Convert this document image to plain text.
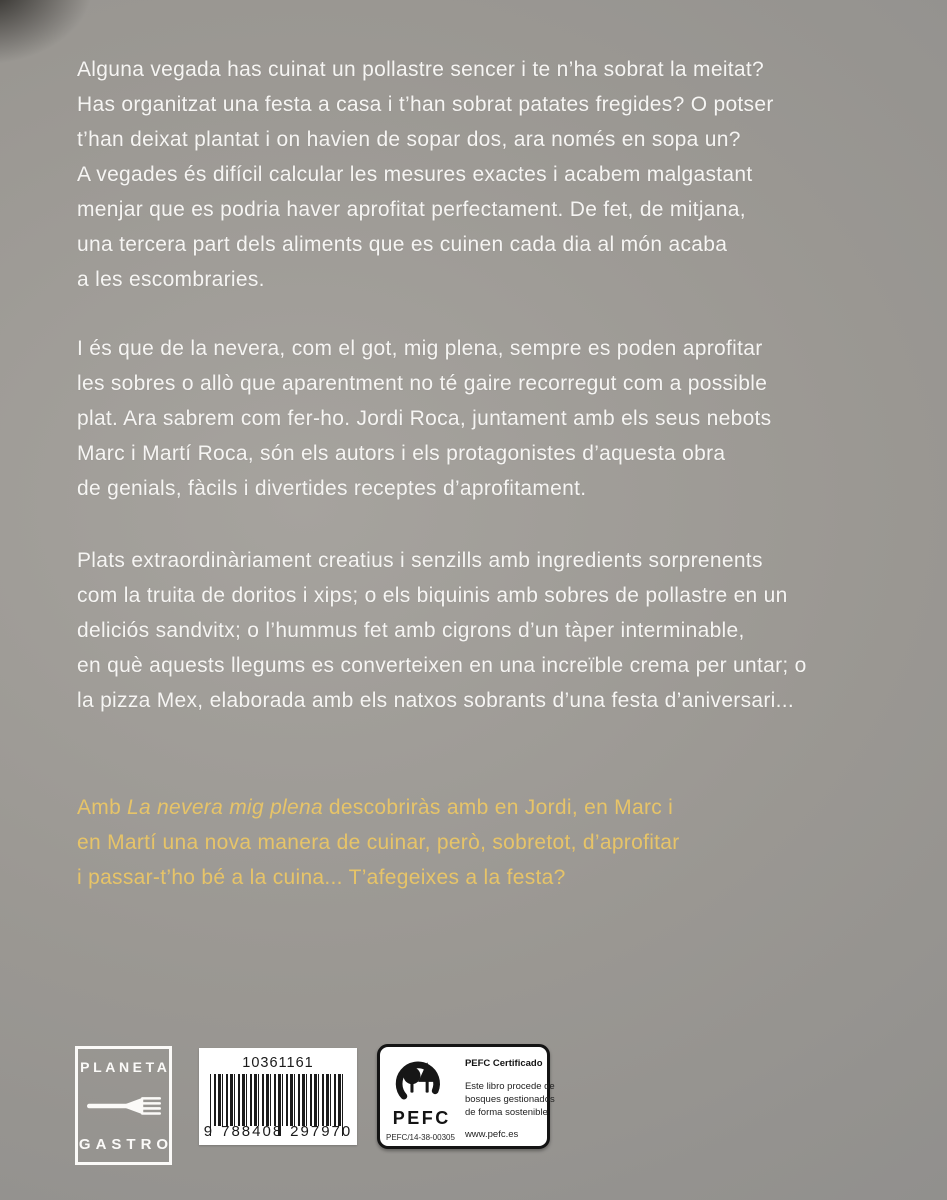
Alguna vegada has cuinat un pollastre sencer i te n’ha sobrat la meitat?
Has organitzat una festa a casa i t’han sobrat patates fregides? O potser
t’han deixat plantat i on havien de sopar dos, ara només en sopa un?
A vegades és difícil calcular les mesures exactes i acabem malgastant
menjar que es podria haver aprofitat perfectament. De fet, de mitjana,
una tercera part dels aliments que es cuinen cada dia al món acaba
a les escombraries.
I és que de la nevera, com el got, mig plena, sempre es poden aprofitar
les sobres o allò que aparentment no té gaire recorregut com a possible
plat. Ara sabrem com fer-ho. Jordi Roca, juntament amb els seus nebots
Marc i Martí Roca, són els autors i els protagonistes d’aquesta obra
de genials, fàcils i divertides receptes d’aprofitament.
Plats extraordinàriament creatius i senzills amb ingredients sorprenents
com la truita de doritos i xips; o els biquinis amb sobres de pollastre en un
deliciós sandvitx; o l’hummus fet amb cigrons d’un tàper interminable,
en què aquests llegums es converteixen en una increïble crema per untar; o
la pizza Mex, elaborada amb els natxos sobrants d’una festa d’aniversari...
Amb La nevera mig plena descobriràs amb en Jordi, en Marc i
en Martí una nova manera de cuinar, però, sobretot, d’aprofitar
i passar-t’ho bé a la cuina... T’afegeixes a la festa?
PLANETA
GASTRO
10361161
9 788408 297970
PEFC
PEFC/14-38-00305
PEFC Certificado
Este libro procede de bosques gestionados de forma sostenible
www.pefc.es
